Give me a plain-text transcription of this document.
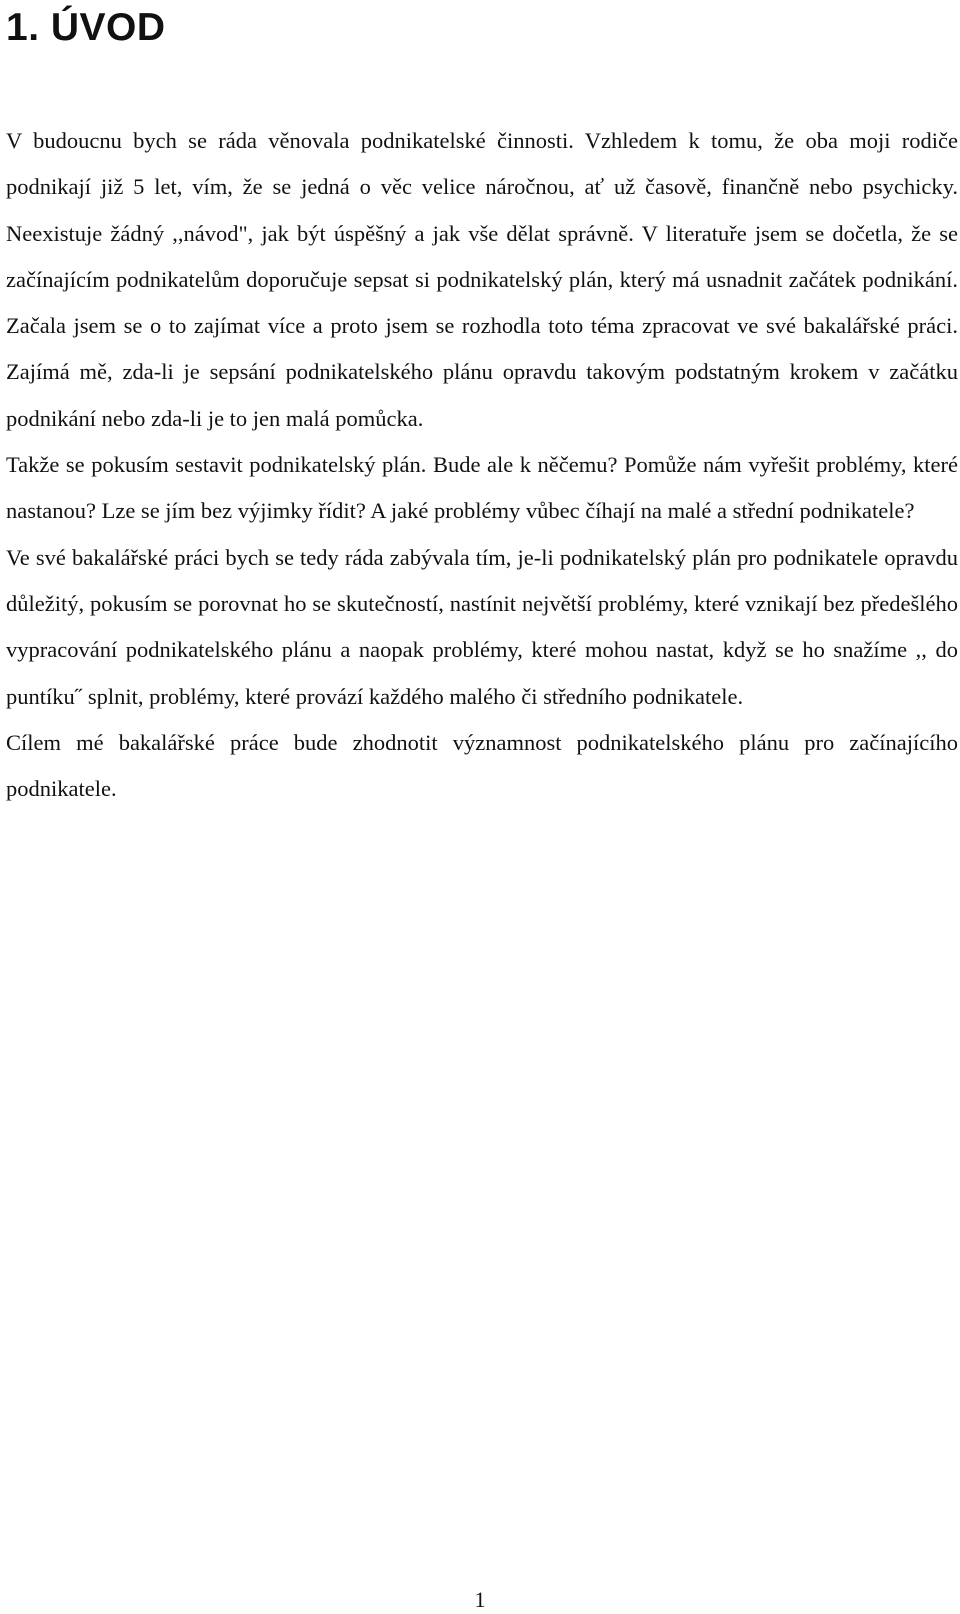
1. ÚVOD

V budoucnu bych se ráda věnovala podnikatelské činnosti. Vzhledem k tomu, že oba moji rodiče podnikají již 5 let, vím, že se jedná o věc velice náročnou, ať už časově, finančně nebo psychicky. Neexistuje žádný ,,návod", jak být úspěšný a jak vše dělat správně. V literatuře jsem se dočetla, že se začínajícím podnikatelům doporučuje sepsat si podnikatelský plán, který má usnadnit začátek podnikání. Začala jsem se o to zajímat více a proto jsem se rozhodla toto téma zpracovat ve své bakalářské práci. Zajímá mě, zda-li je sepsání podnikatelského plánu opravdu takovým podstatným krokem v začátku podnikání nebo zda-li je to jen malá pomůcka.

Takže se pokusím sestavit podnikatelský plán. Bude ale k něčemu? Pomůže nám vyřešit problémy, které nastanou? Lze se jím bez výjimky řídit? A jaké problémy vůbec číhají na malé a střední podnikatele?

Ve své bakalářské práci bych se tedy ráda zabývala tím, je-li podnikatelský plán pro podnikatele opravdu důležitý, pokusím se porovnat ho se skutečností, nastínit největší problémy, které vznikají bez předešlého vypracování podnikatelského plánu a naopak problémy, které mohou nastat, když se ho snažíme ,, do puntíku˝ splnit, problémy, které provází každého malého či středního podnikatele.

Cílem mé bakalářské práce bude zhodnotit významnost podnikatelského plánu pro začínajícího podnikatele.

1
